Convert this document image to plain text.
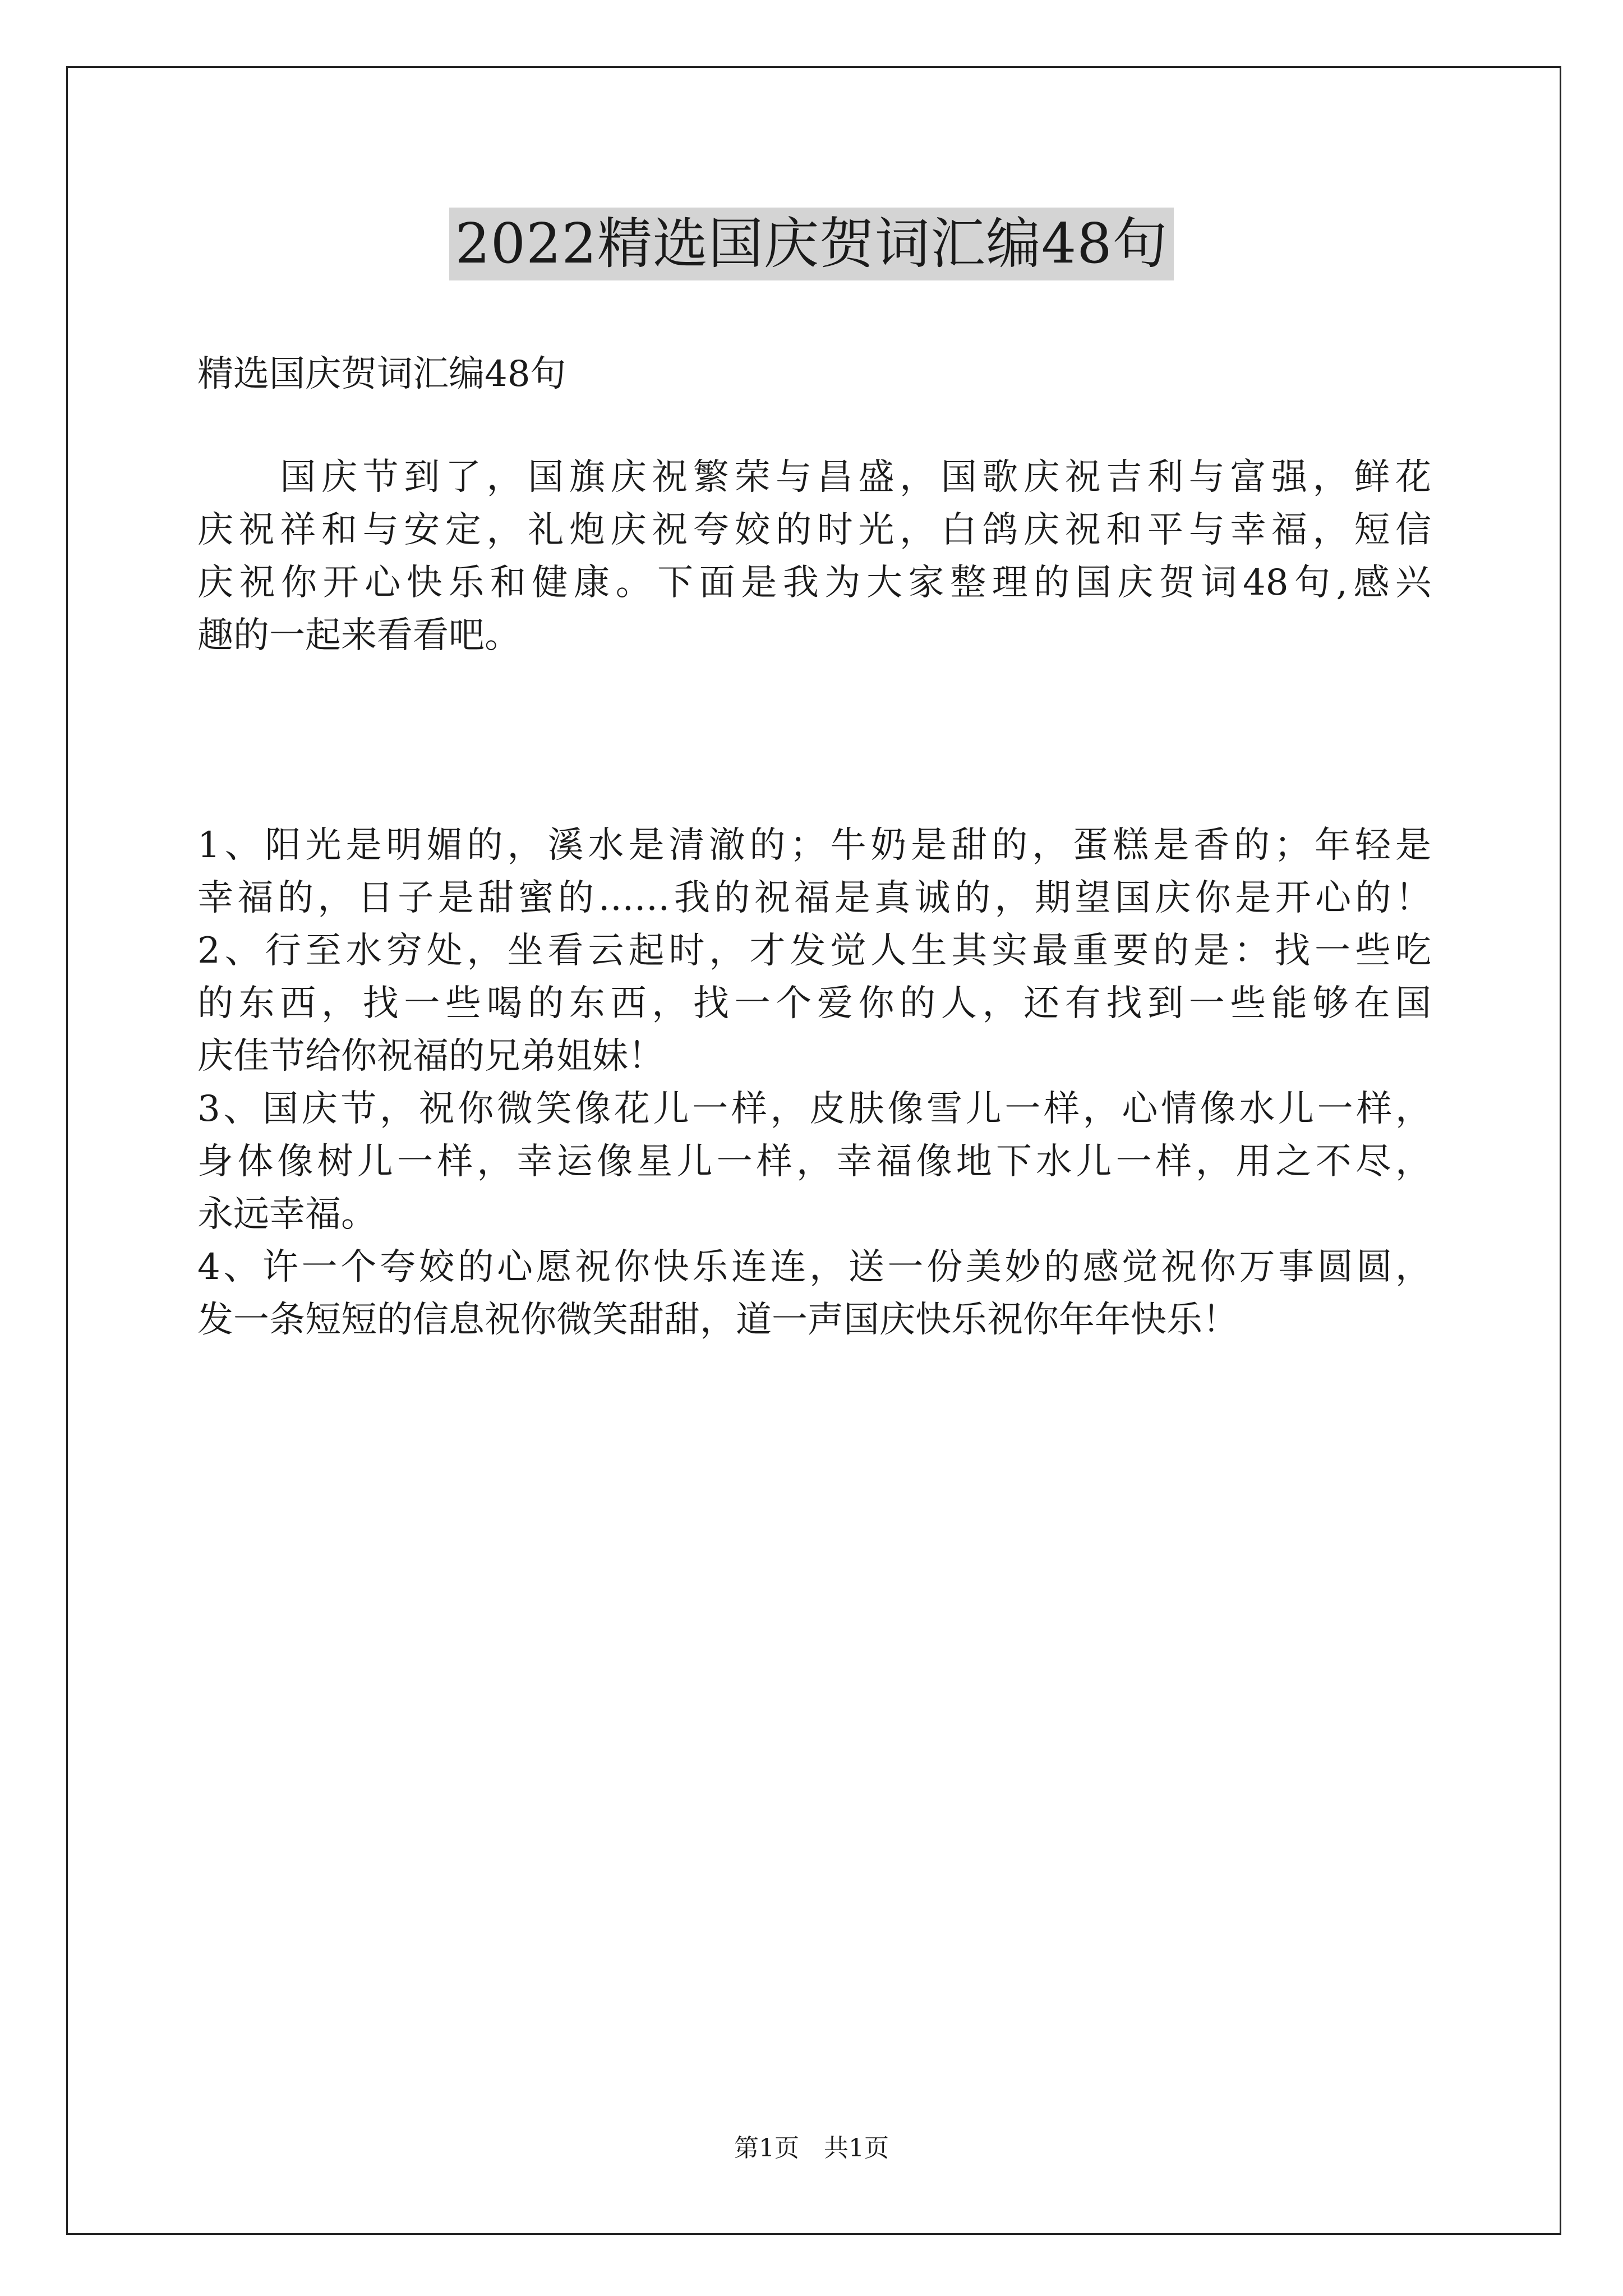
2022精选国庆贺词汇编48句
精选国庆贺词汇编48句
　　国庆节到了，国旗庆祝繁荣与昌盛，国歌庆祝吉利与富强，鲜花
庆祝祥和与安定，礼炮庆祝夸姣的时光，白鸽庆祝和平与幸福，短信
庆祝你开心快乐和健康。下面是我为大家整理的国庆贺词48句,感兴
趣的一起来看看吧。
1、阳光是明媚的，溪水是清澈的；牛奶是甜的，蛋糕是香的；年轻是
幸福的，日子是甜蜜的……我的祝福是真诚的，期望国庆你是开心的！
2、行至水穷处，坐看云起时，才发觉人生其实最重要的是：找一些吃
的东西，找一些喝的东西，找一个爱你的人，还有找到一些能够在国
庆佳节给你祝福的兄弟姐妹！
3、国庆节，祝你微笑像花儿一样，皮肤像雪儿一样，心情像水儿一样，
身体像树儿一样，幸运像星儿一样，幸福像地下水儿一样，用之不尽，
永远幸福。
4、许一个夸姣的心愿祝你快乐连连，送一份美妙的感觉祝你万事圆圆，
发一条短短的信息祝你微笑甜甜，道一声国庆快乐祝你年年快乐！
第1页　共1页
